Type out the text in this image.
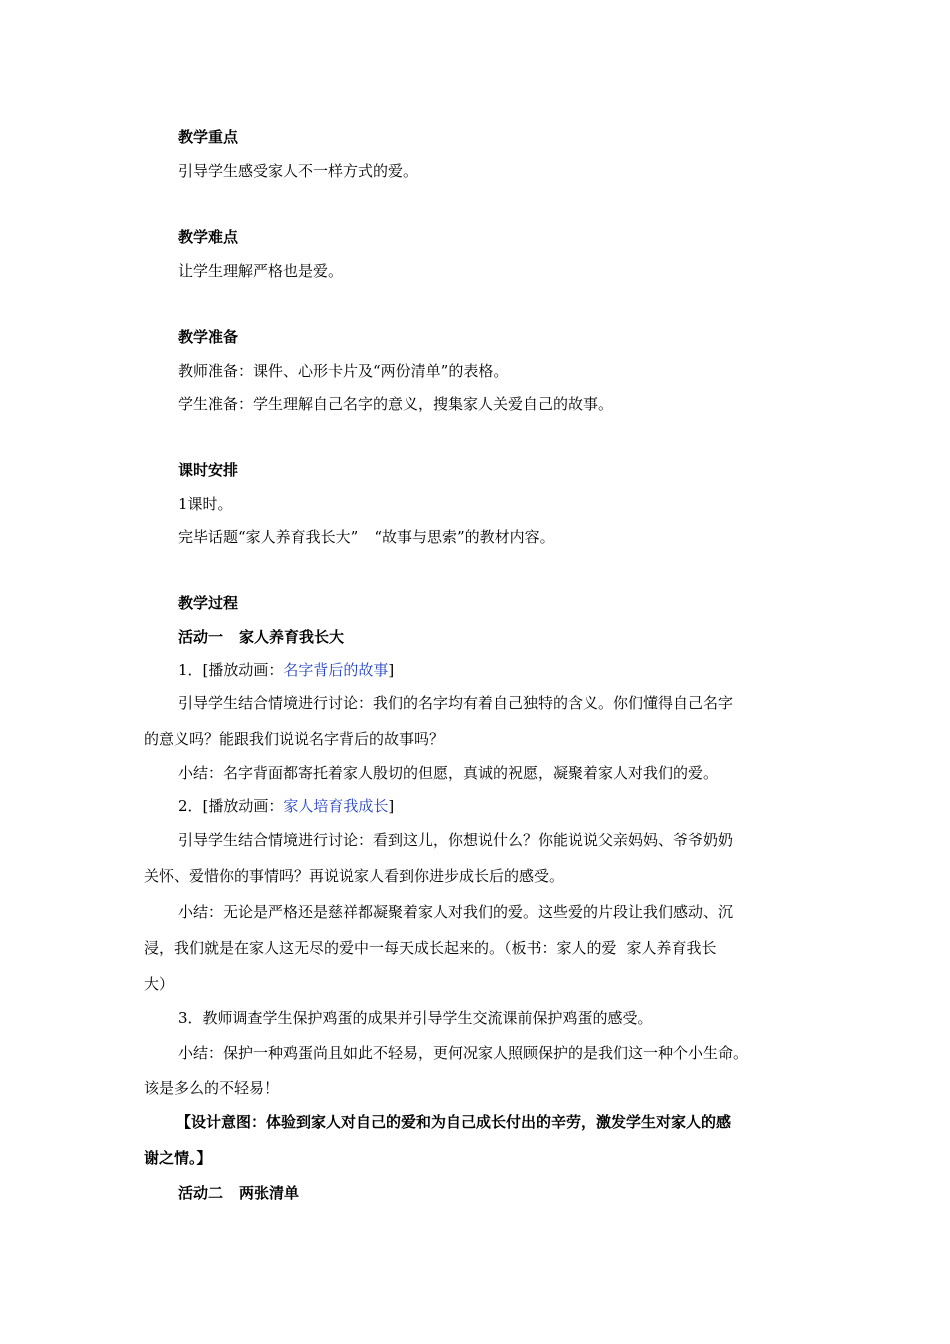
教学重点
引导学生感受家人不一样方式的爱。
教学难点
让学生理解严格也是爱。
教学准备
教师准备：课件、心形卡片及“两份清单”的表格。
学生准备：学生理解自己名字的意义，搜集家人关爱自己的故事。
课时安排
1课时。
完毕话题“家人养育我长大” “故事与思索”的教材内容。
教学过程
活动一 家人养育我长大
1．[播放动画：名字背后的故事]
引导学生结合情境进行讨论：我们的名字均有着自己独特的含义。你们懂得自己名字
的意义吗？能跟我们说说名字背后的故事吗？
小结：名字背面都寄托着家人殷切的但愿，真诚的祝愿，凝聚着家人对我们的爱。
2．[播放动画：家人培育我成长]
引导学生结合情境进行讨论：看到这儿，你想说什么？你能说说父亲妈妈、爷爷奶奶
关怀、爱惜你的事情吗？再说说家人看到你进步成长后的感受。
小结：无论是严格还是慈祥都凝聚着家人对我们的爱。这些爱的片段让我们感动、沉
浸，我们就是在家人这无尽的爱中一每天成长起来的。（板书：家人的爱 家人养育我长
大）
3．教师调查学生保护鸡蛋的成果并引导学生交流课前保护鸡蛋的感受。
小结：保护一种鸡蛋尚且如此不轻易，更何况家人照顾保护的是我们这一种个小生命。
该是多么的不轻易！
【设计意图：体验到家人对自己的爱和为自己成长付出的辛劳，激发学生对家人的感
谢之情。】
活动二 两张清单
